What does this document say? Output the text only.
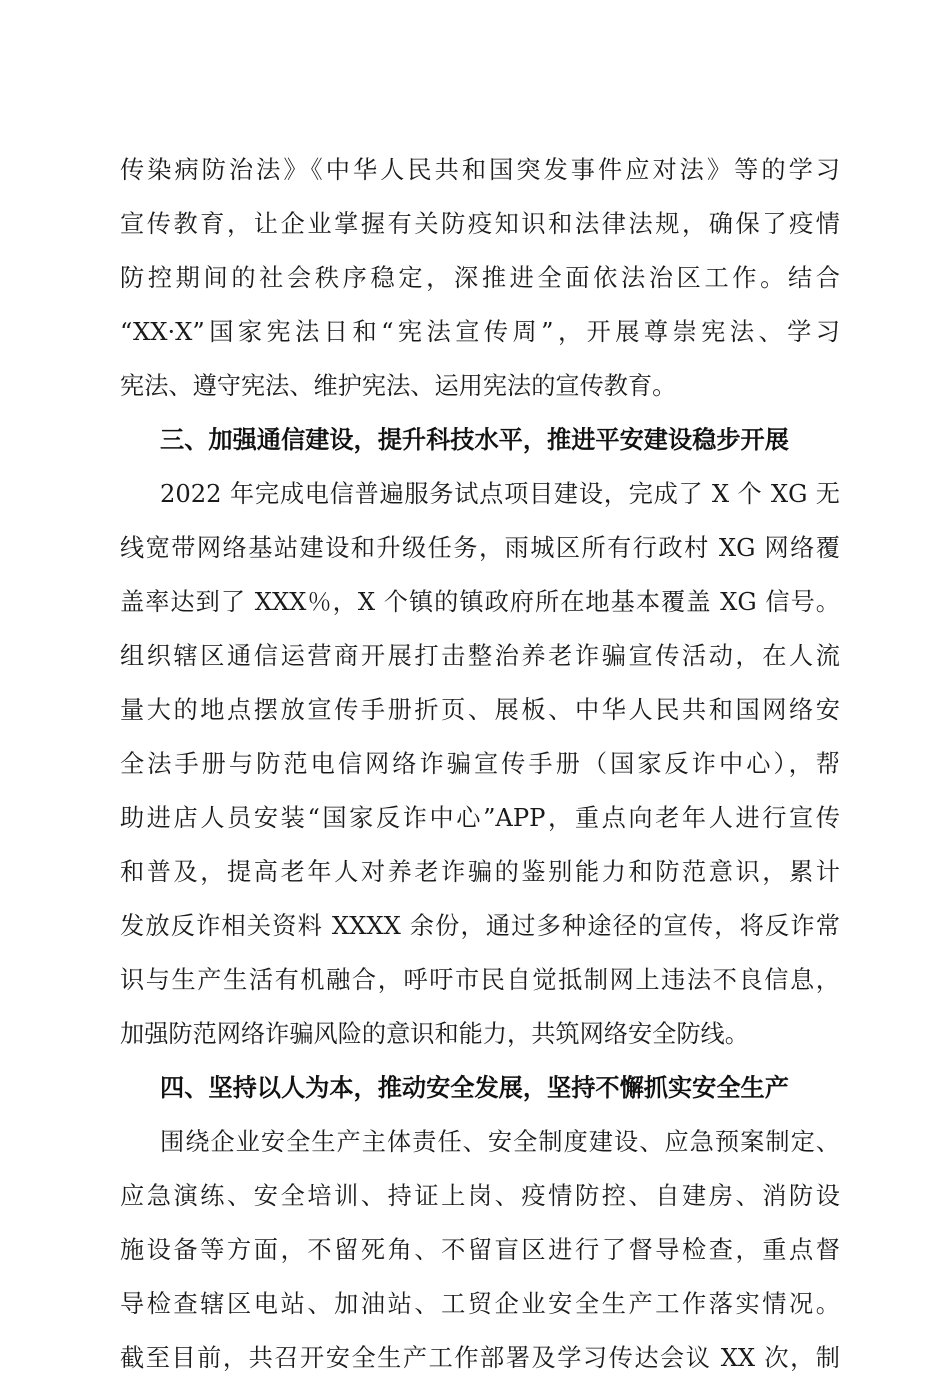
传染病防治法》《中华人民共和国突发事件应对法》等的学习
宣传教育，让企业掌握有关防疫知识和法律法规，确保了疫情
防控期间的社会秩序稳定，深推进全面依法治区工作。结合
“XX·X”国家宪法日和“宪法宣传周”，开展尊崇宪法、学习
宪法、遵守宪法、维护宪法、运用宪法的宣传教育。
三、加强通信建设，提升科技水平，推进平安建设稳步开展
2022 年完成电信普遍服务试点项目建设，完成了 X 个 XG 无
线宽带网络基站建设和升级任务，雨城区所有行政村 XG 网络覆
盖率达到了 XXX％，X 个镇的镇政府所在地基本覆盖 XG 信号。
组织辖区通信运营商开展打击整治养老诈骗宣传活动，在人流
量大的地点摆放宣传手册折页、展板、中华人民共和国网络安
全法手册与防范电信网络诈骗宣传手册（国家反诈中心），帮
助进店人员安装“国家反诈中心”APP，重点向老年人进行宣传
和普及，提高老年人对养老诈骗的鉴别能力和防范意识，累计
发放反诈相关资料 XXXX 余份，通过多种途径的宣传，将反诈常
识与生产生活有机融合，呼吁市民自觉抵制网上违法不良信息，
加强防范网络诈骗风险的意识和能力，共筑网络安全防线。
四、坚持以人为本，推动安全发展，坚持不懈抓实安全生产
围绕企业安全生产主体责任、安全制度建设、应急预案制定、
应急演练、安全培训、持证上岗、疫情防控、自建房、消防设
施设备等方面，不留死角、不留盲区进行了督导检查，重点督
导检查辖区电站、加油站、工贸企业安全生产工作落实情况。
截至目前，共召开安全生产工作部署及学习传达会议 XX 次，制
